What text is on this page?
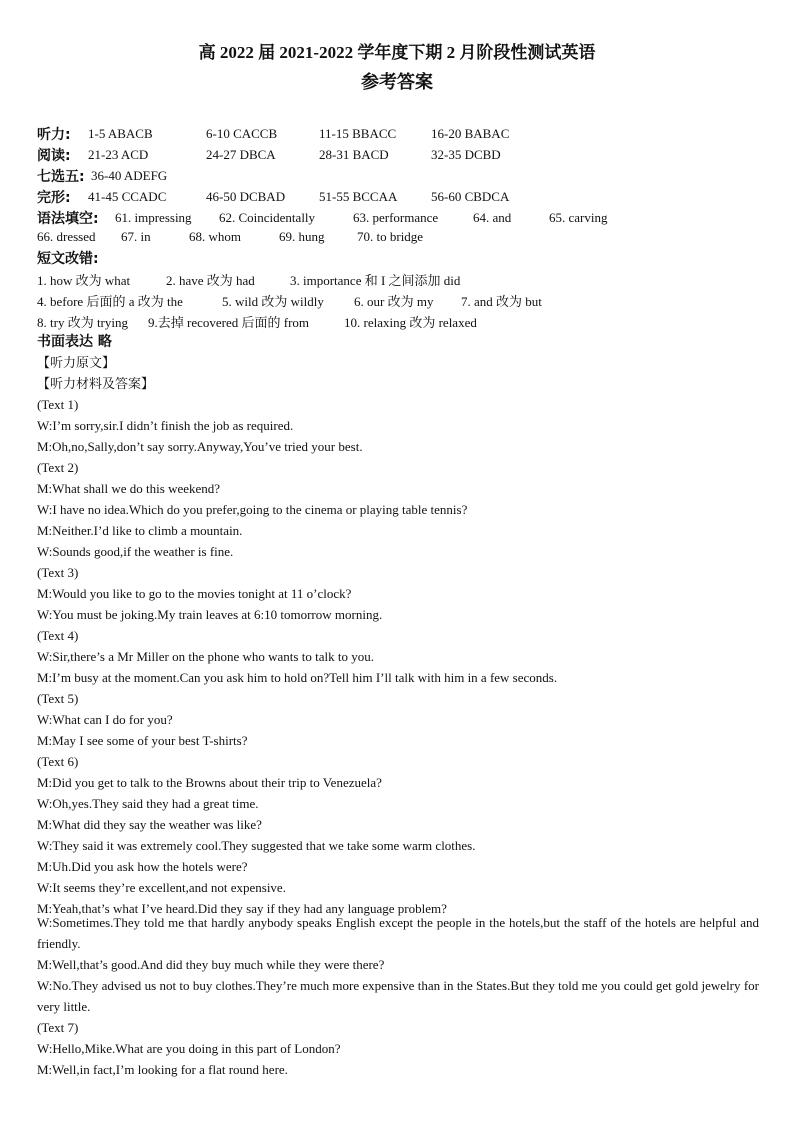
高 2022 届 2021-2022 学年度下期 2 月阶段性测试英语
参考答案
听力: 1-5 ABACB	6-10 CACCB	11-15 BBACC	16-20 BABAC
阅读: 21-23 ACD	24-27 DBCA	28-31 BACD	32-35 DCBD
七选五: 36-40 ADEFG
完形: 41-45 CCADC	46-50 DCBAD	51-55 BCCAA	56-60 CBDCA
语法填空: 61. impressing 62. Coincidentally	63. performance	64. and	65. carving
66. dressed 67. in	68. whom	69. hung	70. to bridge
短文改错:
1. how 改为 what	2. have 改为 had	3. importance 和 I 之间添加 did
4. before 后面的 a 改为 the	5. wild 改为 wildly 6. our 改为 my 7. and 改为 but
8. try 改为 trying 9.去掉 recovered 后面的 from	10. relaxing 改为 relaxed
书面表达 略
【听力原文】
【听力材料及答案】
(Text 1)
W:I’m sorry,sir.I didn’t finish the job as required.
M:Oh,no,Sally,don’t say sorry.Anyway,You’ve tried your best.
(Text 2)
M:What shall we do this weekend?
W:I have no idea.Which do you prefer,going to the cinema or playing table tennis?
M:Neither.I’d like to climb a mountain.
W:Sounds good,if the weather is fine.
(Text 3)
M:Would you like to go to the movies tonight at 11 o’clock?
W:You must be joking.My train leaves at 6:10 tomorrow morning.
(Text 4)
W:Sir,there’s a Mr Miller on the phone who wants to talk to you.
M:I’m busy at the moment.Can you ask him to hold on?Tell him I’ll talk with him in a few seconds.
(Text 5)
W:What can I do for you?
M:May I see some of your best T-shirts?
(Text 6)
M:Did you get to talk to the Browns about their trip to Venezuela?
W:Oh,yes.They said they had a great time.
M:What did they say the weather was like?
W:They said it was extremely cool.They suggested that we take some warm clothes.
M:Uh.Did you ask how the hotels were?
W:It seems they’re excellent,and not expensive.
M:Yeah,that’s what I’ve heard.Did they say if they had any language problem?
W:Sometimes.They told me that hardly anybody speaks English except the people in the hotels,but the staff of the hotels are helpful and friendly.
M:Well,that’s good.And did they buy much while they were there?
W:No.They advised us not to buy clothes.They’re much more expensive than in the States.But they told me you could get gold jewelry for very little.
(Text 7)
W:Hello,Mike.What are you doing in this part of London?
M:Well,in fact,I’m looking for a flat round here.
